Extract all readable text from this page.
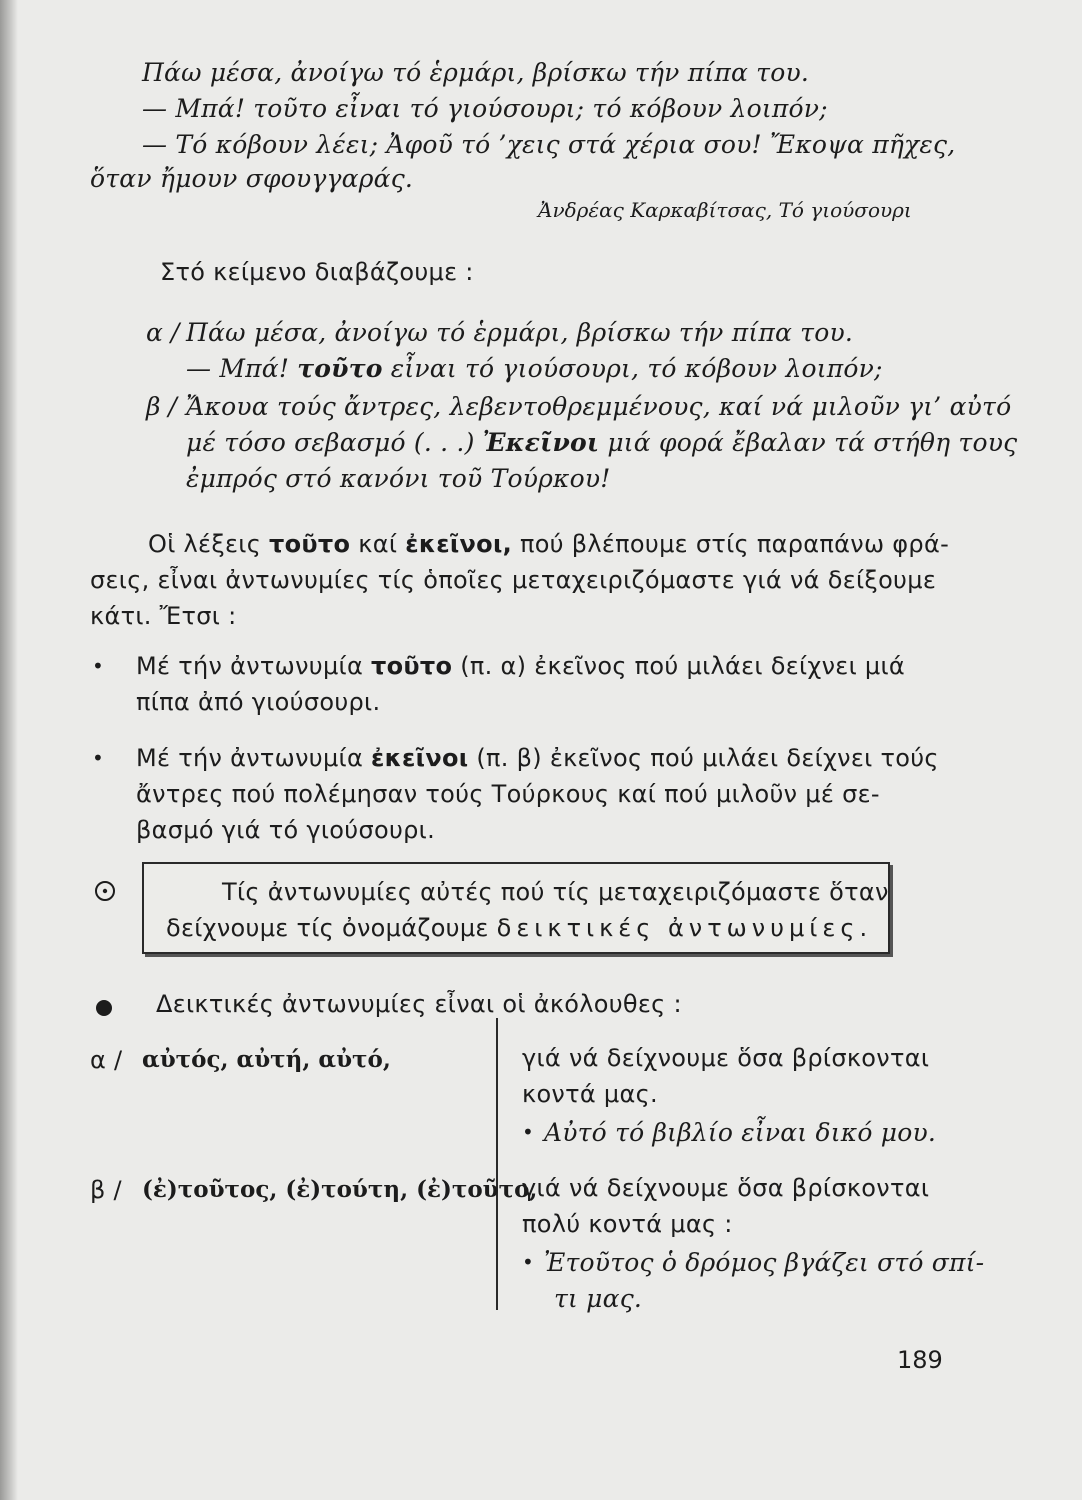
Πάω μέσα, ἀνοίγω τό ἑρμάρι, βρίσκω τήν πίπα του.
— Μπά! τοῦτο εἶναι τό γιούσουρι; τό κόβουν λοιπόν;
— Τό κόβουν λέει; Ἀφοῦ τό ’χεις στά χέρια σου! Ἔκοψα πῆχες,
ὅταν ἤμουν σφουγγαράς.
Ἀνδρέας Καρκαβίτσας, Τό γιούσουρι
Στό κείμενο διαβάζουμε :
α / Πάω μέσα, ἀνοίγω τό ἑρμάρι, βρίσκω τήν πίπα του.
— Μπά! τοῦτο εἶναι τό γιούσουρι, τό κόβουν λοιπόν;
β / Ἄκουα τούς ἄντρες, λεβεντοθρεμμένους, καί νά μιλοῦν γι’ αὐτό
μέ τόσο σεβασμό (. . .) Ἐκεῖνοι μιά φορά ἔβαλαν τά στήθη τους
ἐμπρός στό κανόνι τοῦ Τούρκου!
Οἱ λέξεις τοῦτο καί ἐκεῖνοι, πού βλέπουμε στίς παραπάνω φρά-
σεις, εἶναι ἀντωνυμίες τίς ὁποῖες μεταχειριζόμαστε γιά νά δείξουμε
κάτι. Ἔτσι :
• Μέ τήν ἀντωνυμία τοῦτο (π. α) ἐκεῖνος πού μιλάει δείχνει μιά
πίπα ἀπό γιούσουρι.
• Μέ τήν ἀντωνυμία ἐκεῖνοι (π. β) ἐκεῖνος πού μιλάει δείχνει τούς
ἄντρες πού πολέμησαν τούς Τούρκους καί πού μιλοῦν μέ σε-
βασμό γιά τό γιούσουρι.
Τίς ἀντωνυμίες αὐτές πού τίς μεταχειριζόμαστε ὅταν
δείχνουμε τίς ὀνομάζουμε δεικτικές ἀντωνυμίες.
Δεικτικές ἀντωνυμίες εἶναι οἱ ἀκόλουθες :
α / αὐτός, αὐτή, αὐτό,	γιά νά δείχνουμε ὅσα βρίσκονται
κοντά μας.
• Αὐτό τό βιβλίο εἶναι δικό μου.
β / (ἐ)τοῦτος, (ἐ)τούτη, (ἐ)τοῦτο,
γιά νά δείχνουμε ὅσα βρίσκονται
πολύ κοντά μας :
• Ἐτοῦτος ὁ δρόμος βγάζει στό σπί-
τι μας.
189
